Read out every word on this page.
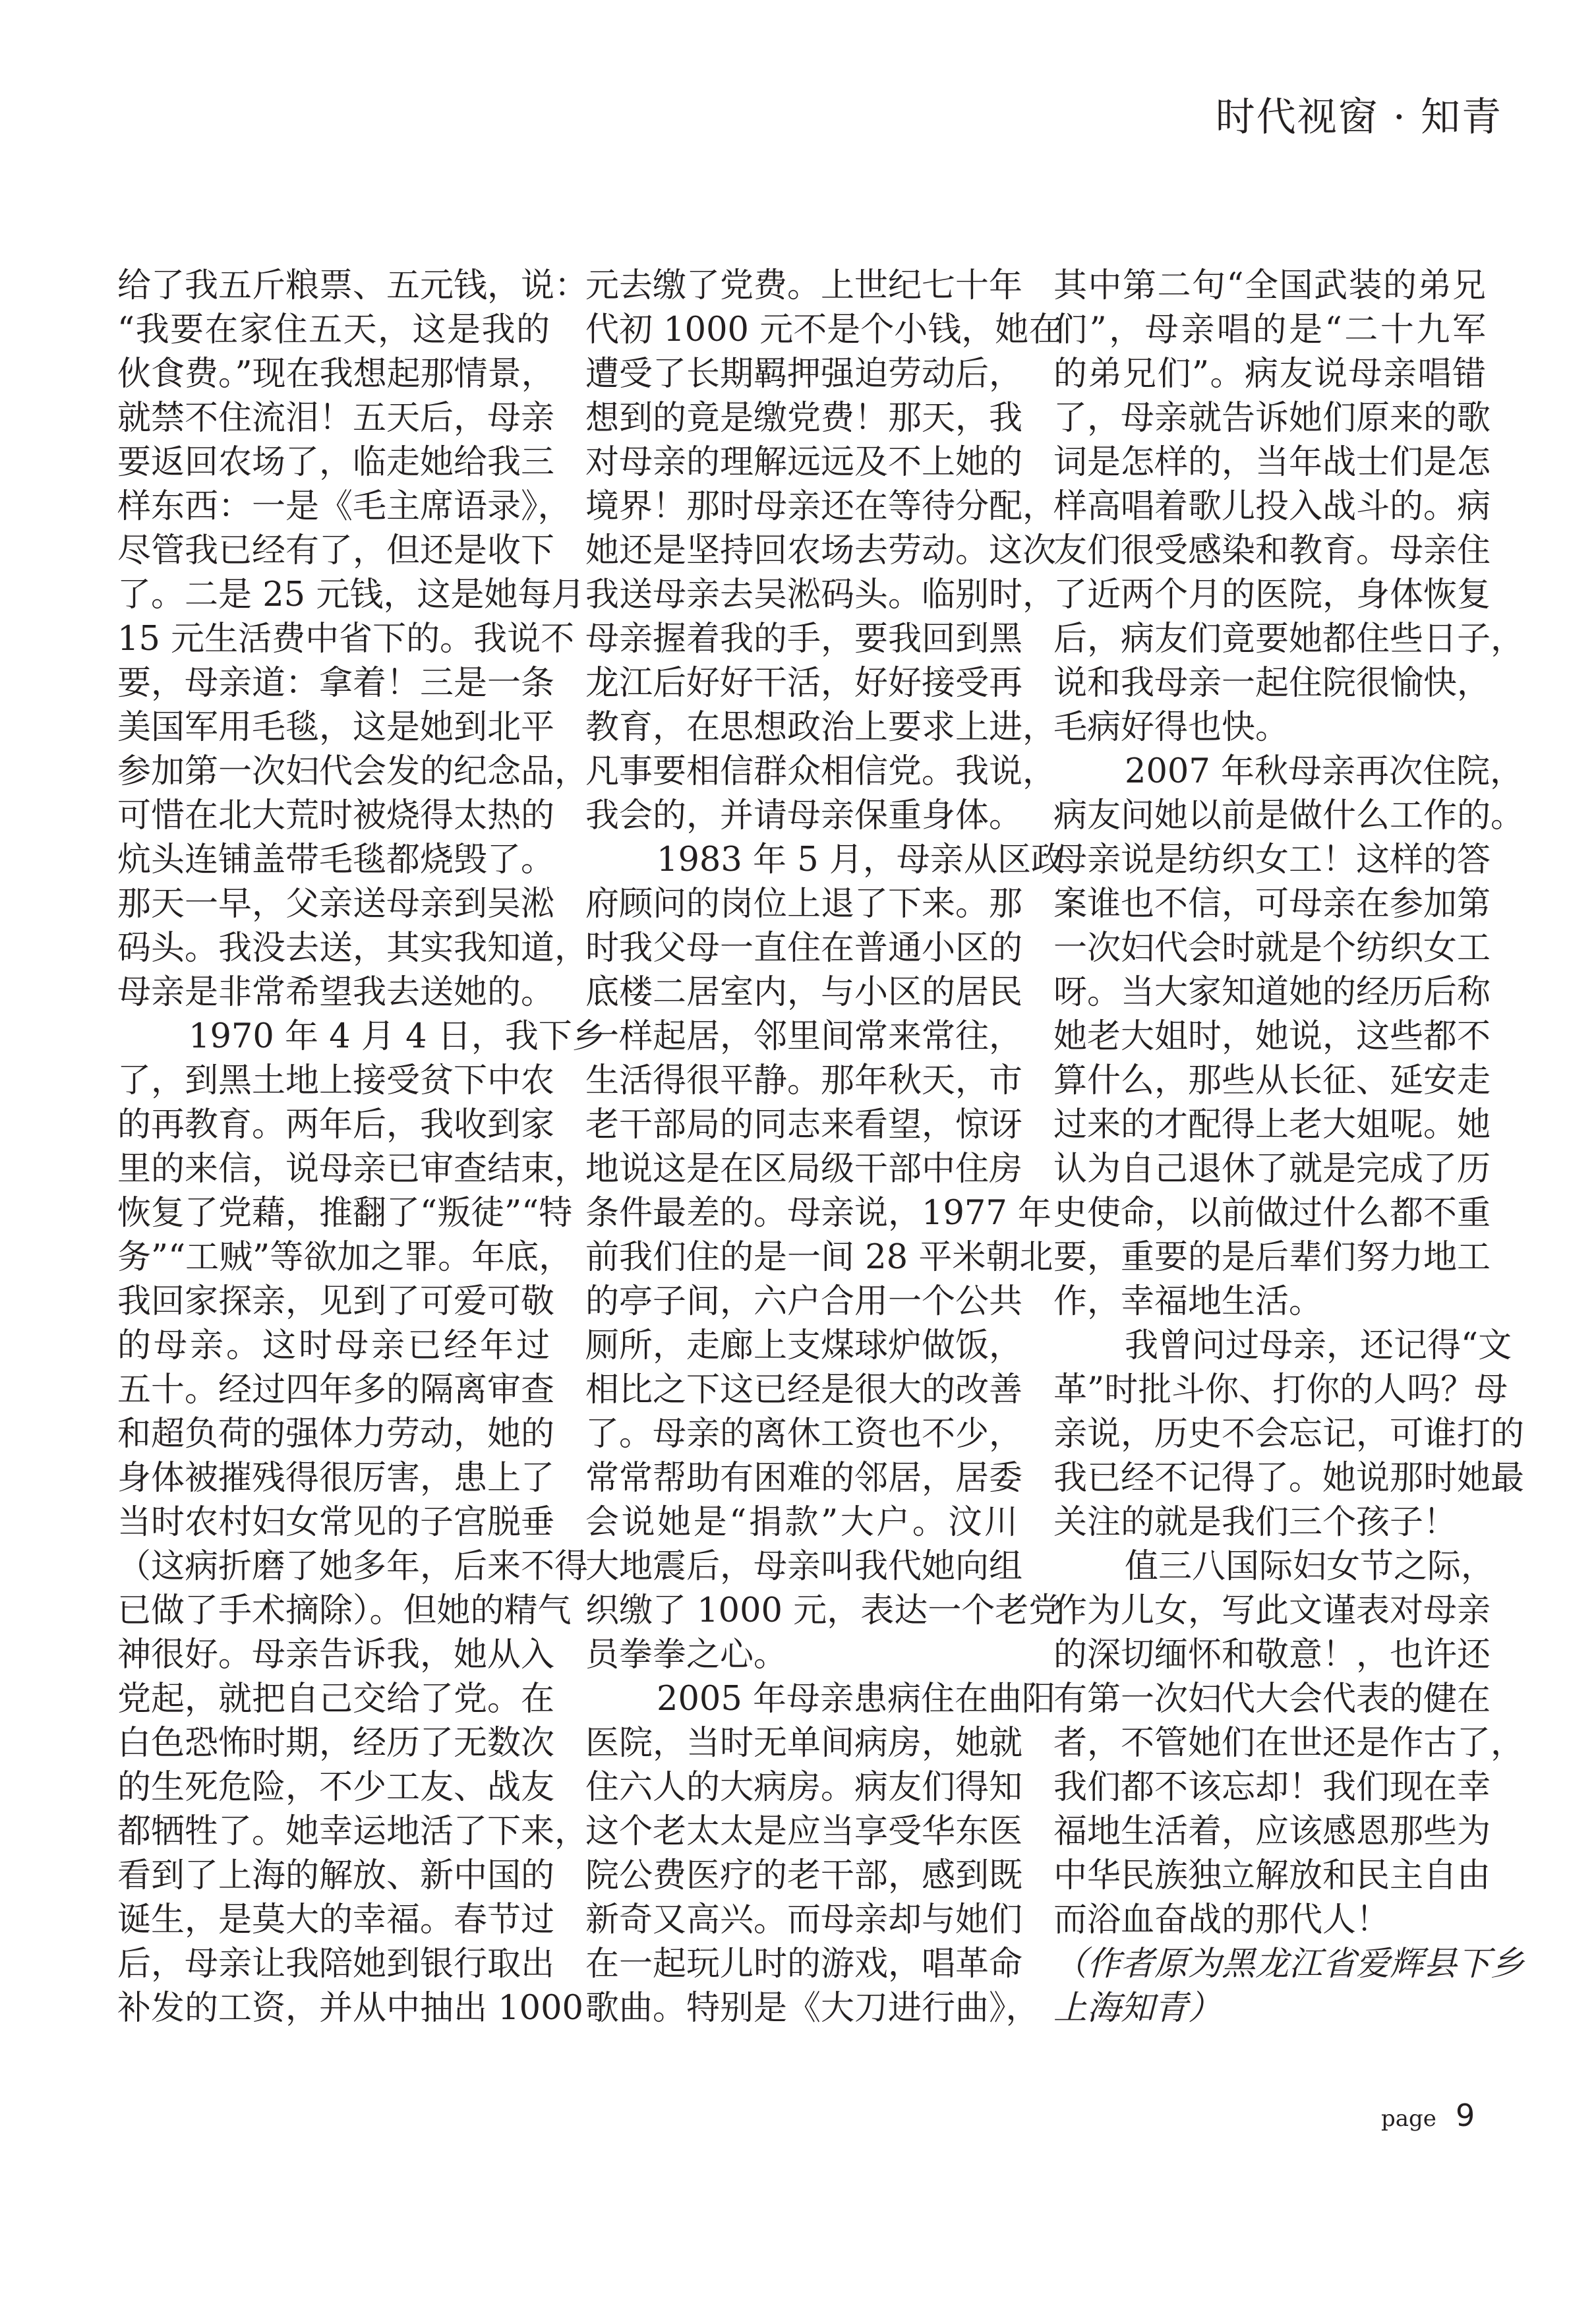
时代视窗 · 知青
给了我五斤粮票、五元钱，说：
“我要在家住五天，这是我的
伙食费。”现在我想起那情景，
就禁不住流泪！五天后，母亲
要返回农场了，临走她给我三
样东西：一是《毛主席语录》，
尽管我已经有了，但还是收下
了。二是 25 元钱，这是她每月
15 元生活费中省下的。我说不
要，母亲道：拿着！三是一条
美国军用毛毯，这是她到北平
参加第一次妇代会发的纪念品，
可惜在北大荒时被烧得太热的
炕头连铺盖带毛毯都烧毁了。
那天一早，父亲送母亲到吴淞
码头。我没去送，其实我知道，
母亲是非常希望我去送她的。
1970 年 4 月 4 日，我下乡
了，到黑土地上接受贫下中农
的再教育。两年后，我收到家
里的来信，说母亲已审查结束，
恢复了党藉，推翻了“叛徒”“特
务”“工贼”等欲加之罪。年底，
我回家探亲，见到了可爱可敬
的母亲。这时母亲已经年过
五十。经过四年多的隔离审查
和超负荷的强体力劳动，她的
身体被摧残得很厉害，患上了
当时农村妇女常见的子宫脱垂
（这病折磨了她多年，后来不得
已做了手术摘除）。但她的精气
神很好。母亲告诉我，她从入
党起，就把自己交给了党。在
白色恐怖时期，经历了无数次
的生死危险，不少工友、战友
都牺牲了。她幸运地活了下来，
看到了上海的解放、新中国的
诞生，是莫大的幸福。春节过
后，母亲让我陪她到银行取出
补发的工资，并从中抽出 1000
元去缴了党费。上世纪七十年
代初 1000 元不是个小钱，她在
遭受了长期羁押强迫劳动后，
想到的竟是缴党费！那天，我
对母亲的理解远远及不上她的
境界！那时母亲还在等待分配，
她还是坚持回农场去劳动。这次
我送母亲去吴淞码头。临别时，
母亲握着我的手，要我回到黑
龙江后好好干活，好好接受再
教育，在思想政治上要求上进，
凡事要相信群众相信党。我说，
我会的，并请母亲保重身体。
1983 年 5 月，母亲从区政
府顾问的岗位上退了下来。那
时我父母一直住在普通小区的
底楼二居室内，与小区的居民
一样起居，邻里间常来常往，
生活得很平静。那年秋天，市
老干部局的同志来看望，惊讶
地说这是在区局级干部中住房
条件最差的。母亲说，1977 年
前我们住的是一间 28 平米朝北
的亭子间，六户合用一个公共
厕所，走廊上支煤球炉做饭，
相比之下这已经是很大的改善
了。母亲的离休工资也不少，
常常帮助有困难的邻居，居委
会说她是“捐款”大户。汶川
大地震后，母亲叫我代她向组
织缴了 1000 元，表达一个老党
员拳拳之心。
2005 年母亲患病住在曲阳
医院，当时无单间病房，她就
住六人的大病房。病友们得知
这个老太太是应当享受华东医
院公费医疗的老干部，感到既
新奇又高兴。而母亲却与她们
在一起玩儿时的游戏，唱革命
歌曲。特别是《大刀进行曲》，
其中第二句“全国武装的弟兄
们”，母亲唱的是“二十九军
的弟兄们”。病友说母亲唱错
了，母亲就告诉她们原来的歌
词是怎样的，当年战士们是怎
样高唱着歌儿投入战斗的。病
友们很受感染和教育。母亲住
了近两个月的医院，身体恢复
后，病友们竟要她都住些日子，
说和我母亲一起住院很愉快，
毛病好得也快。
2007 年秋母亲再次住院，
病友问她以前是做什么工作的。
母亲说是纺织女工！这样的答
案谁也不信，可母亲在参加第
一次妇代会时就是个纺织女工
呀。当大家知道她的经历后称
她老大姐时，她说，这些都不
算什么，那些从长征、延安走
过来的才配得上老大姐呢。她
认为自己退休了就是完成了历
史使命，以前做过什么都不重
要，重要的是后辈们努力地工
作，幸福地生活。
我曾问过母亲，还记得“文
革”时批斗你、打你的人吗？母
亲说，历史不会忘记，可谁打的
我已经不记得了。她说那时她最
关注的就是我们三个孩子！
值三八国际妇女节之际，
作为儿女，写此文谨表对母亲
的深切缅怀和敬意！，也许还
有第一次妇代大会代表的健在
者，不管她们在世还是作古了，
我们都不该忘却！我们现在幸
福地生活着，应该感恩那些为
中华民族独立解放和民主自由
而浴血奋战的那代人！
（作者原为黑龙江省爱辉县下乡
上海知青）
page 9
